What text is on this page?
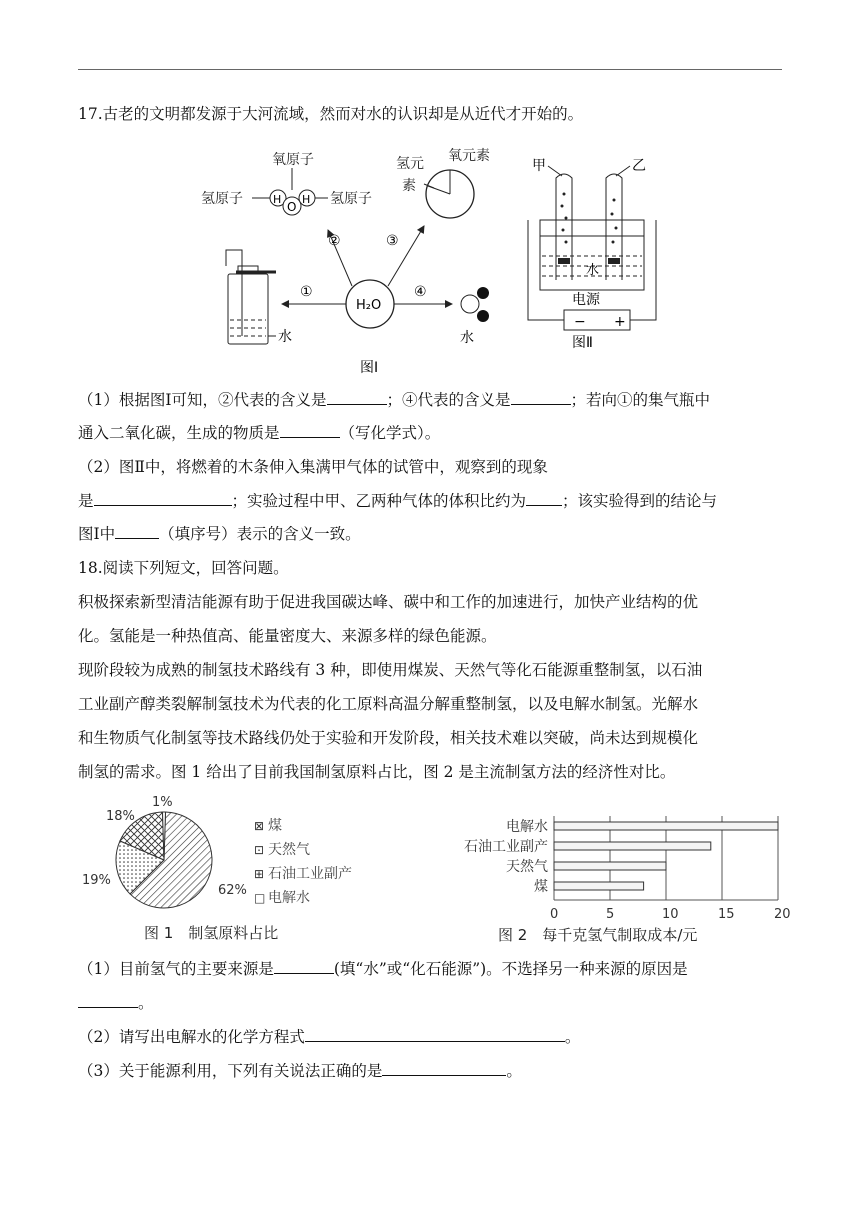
17.古老的文明都发源于大河流域，然而对水的认识却是从近代才开始的。
氧原子
氢原子	H
O
H 氢原子
氢元
素
氧元素
H₂O
②	③
①	④
水	水
图Ⅰ
甲	乙
水
电源
− +
图Ⅱ
（1）根据图Ⅰ可知，②代表的含义是	；④代表的含义是	；若向①的集气瓶中
通入二氧化碳，生成的物质是	（写化学式）。
（2）图Ⅱ中，将燃着的木条伸入集满甲气体的试管中，观察到的现象
是	；实验过程中甲、乙两种气体的体积比约为 ；该实验得到的结论与
图Ⅰ中	（填序号）表示的含义一致。
18.阅读下列短文，回答问题。
积极探索新型清洁能源有助于促进我国碳达峰、碳中和工作的加速进行，加快产业结构的优
化。氢能是一种热值高、能量密度大、来源多样的绿色能源。
现阶段较为成熟的制氢技术路线有 3 种，即使用煤炭、天然气等化石能源重整制氢，以石油
工业副产醇类裂解制氢技术为代表的化工原料高温分解重整制氢，以及电解水制氢。光解水
和生物质气化制氢等技术路线仍处于实验和开发阶段，相关技术难以突破，尚未达到规模化
制氢的需求。图 1 给出了目前我国制氢原料占比，图 2 是主流制氢方法的经济性对比。
62%
19%
18%
1%
⊠ 煤
⊡ 天然气
⊞ 石油工业副产
□ 电解水
图 1　制氢原料占比
0	5	10	15	20
电解水
石油工业副产
天然气
煤
图 2　每千克氢气制取成本/元
（1）目前氢气的主要来源是	(填“水”或“化石能源”)。不选择另一种来源的原因是
。
（2）请写出电解水的化学方程式	。
（3）关于能源利用，下列有关说法正确的是	。
